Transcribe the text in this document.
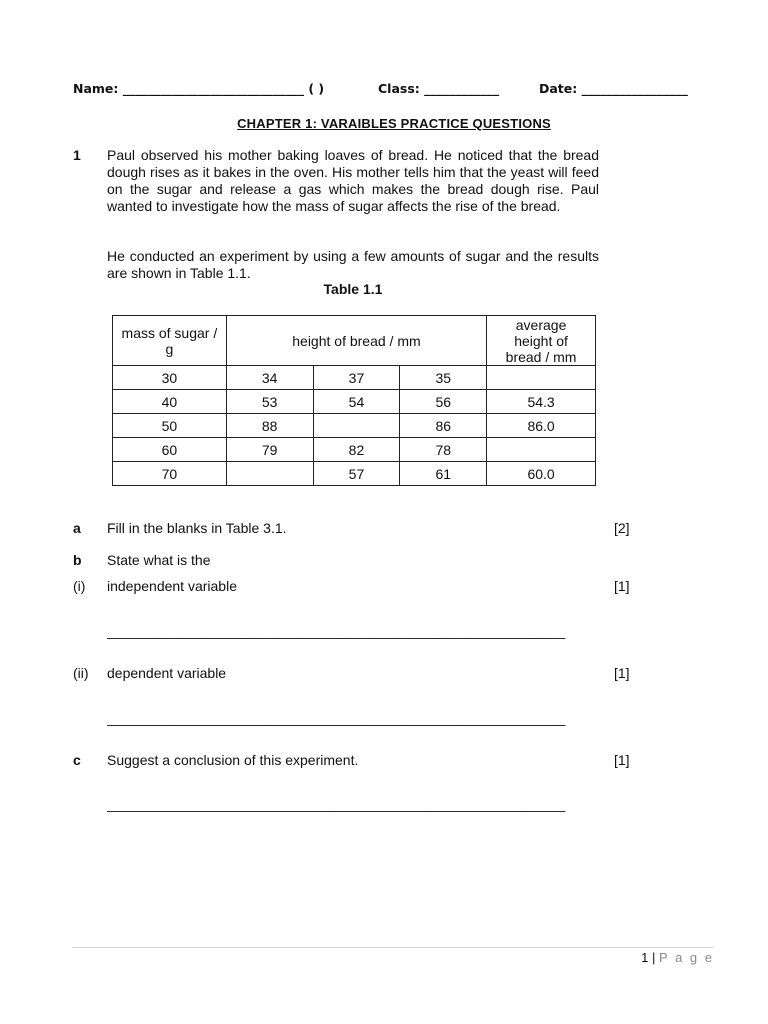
Name: _____________________________ ( )	Class: ____________	Date: _________________
CHAPTER 1: VARAIBLES PRACTICE QUESTIONS
1 Paul observed his mother baking loaves of bread. He noticed that the bread dough rises as it bakes in the oven. His mother tells him that the yeast will feed on the sugar and release a gas which makes the bread dough rise. Paul wanted to investigate how the mass of sugar affects the rise of the bread.
He conducted an experiment by using a few amounts of sugar and the results are shown in Table 1.1.
Table 1.1
mass of sugar / g	height of bread / mm			average height of bread / mm
30	34	37	35	
40	53	54	56	54.3
50	88		86	86.0
60	79	82	78	
70		57	61	60.0
a Fill in the blanks in Table 3.1.	[2]
b State what is the
(i) independent variable	[1]
______________________________________________________________
(ii) dependent variable	[1]
______________________________________________________________
c Suggest a conclusion of this experiment.	[1]
______________________________________________________________
1 | P a g e
